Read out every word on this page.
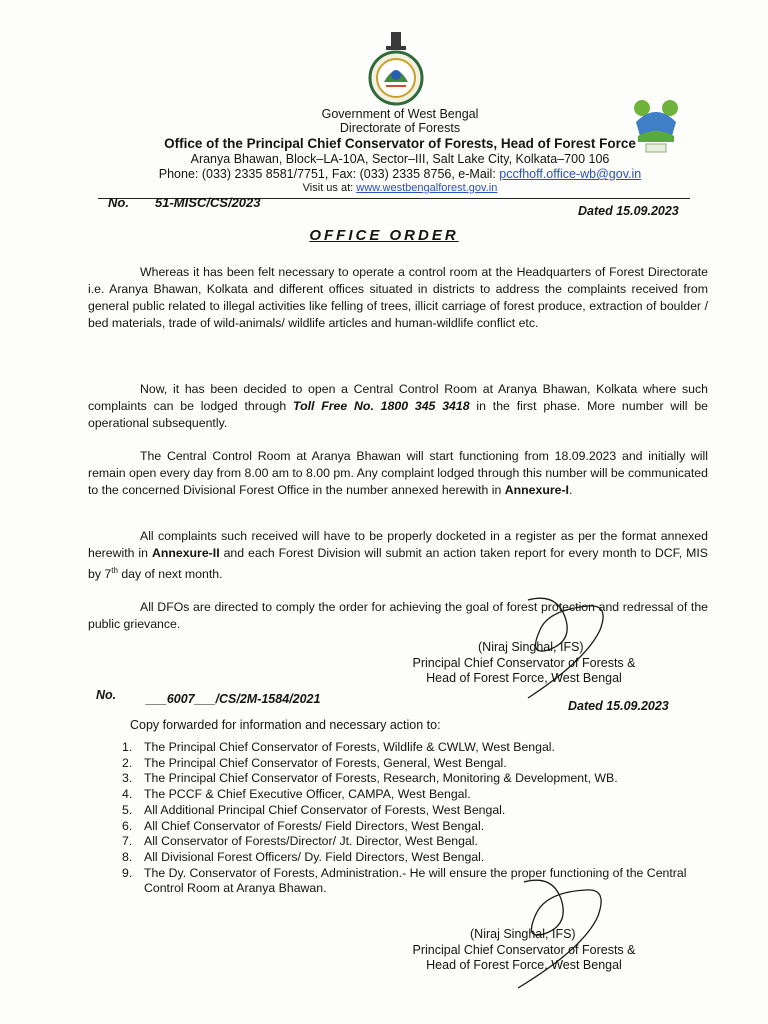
Government of West Bengal
Directorate of Forests
Office of the Principal Chief Conservator of Forests, Head of Forest Force
Aranya Bhawan, Block–LA-10A, Sector–III, Salt Lake City, Kolkata–700 106
Phone: (033) 2335 8581/7751, Fax: (033) 2335 8756, e-Mail: pccfhoff.office-wb@gov.in
Visit us at: www.westbengalforest.gov.in
No. 51-MISC/CS/2023
Dated 15.09.2023
OFFICE ORDER

Whereas it has been felt necessary to operate a control room at the Headquarters of Forest Directorate i.e. Aranya Bhawan, Kolkata and different offices situated in districts to address the complaints received from general public related to illegal activities like felling of trees, illicit carriage of forest produce, extraction of boulder / bed materials, trade of wild-animals/ wildlife articles and human-wildlife conflict etc.

Now, it has been decided to open a Central Control Room at Aranya Bhawan, Kolkata where such complaints can be lodged through Toll Free No. 1800 345 3418 in the first phase. More number will be operational subsequently.

The Central Control Room at Aranya Bhawan will start functioning from 18.09.2023 and initially will remain open every day from 8.00 am to 8.00 pm. Any complaint lodged through this number will be communicated to the concerned Divisional Forest Office in the number annexed herewith in Annexure-I.

All complaints such received will have to be properly docketed in a register as per the format annexed herewith in Annexure-II and each Forest Division will submit an action taken report for every month to DCF, MIS by 7th day of next month.

All DFOs are directed to comply the order for achieving the goal of forest protection and redressal of the public grievance.

(Niraj Singhal, IFS)
Principal Chief Conservator of Forests &
Head of Forest Force, West Bengal
No. ___6007___/CS/2M-1584/2021	Dated 15.09.2023
Copy forwarded for information and necessary action to:
1. The Principal Chief Conservator of Forests, Wildlife & CWLW, West Bengal.
2. The Principal Chief Conservator of Forests, General, West Bengal.
3. The Principal Chief Conservator of Forests, Research, Monitoring & Development, WB.
4. The PCCF & Chief Executive Officer, CAMPA, West Bengal.
5. All Additional Principal Chief Conservator of Forests, West Bengal.
6. All Chief Conservator of Forests/ Field Directors, West Bengal.
7. All Conservator of Forests/Director/ Jt. Director, West Bengal.
8. All Divisional Forest Officers/ Dy. Field Directors, West Bengal.
9. The Dy. Conservator of Forests, Administration.- He will ensure the proper functioning of the Central Control Room at Aranya Bhawan.
(Niraj Singhal, IFS)
Principal Chief Conservator of Forests &
Head of Forest Force, West Bengal
